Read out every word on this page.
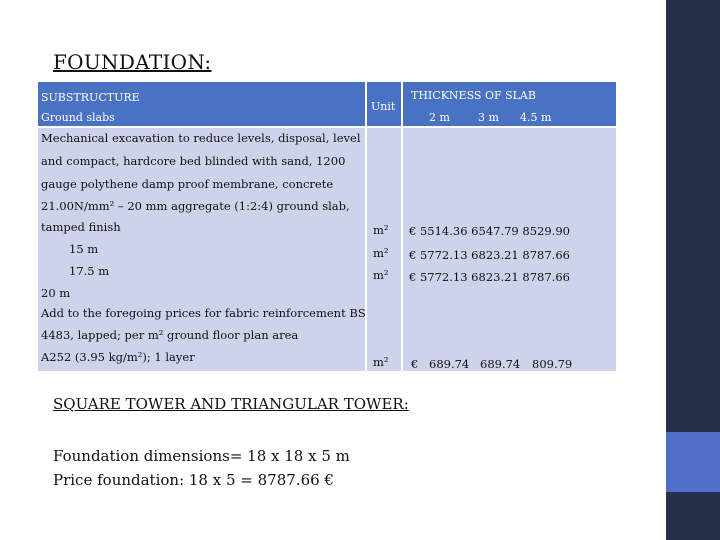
FOUNDATION:
SUBSTRUCTURE
Ground slabs
Unit
THICKNESS OF SLAB
2 m	3 m 4.5 m
Mechanical excavation to reduce levels, disposal, level
and compact, hardcore bed blinded with sand, 1200
gauge polythene damp proof membrane, concrete
21.00N/mm² – 20 mm aggregate (1:2:4) ground slab,
tamped finish
15 m
17.5 m
20 m
m² € 5514.36 6547.79 8529.90
m² € 5772.13 6823.21 8787.66
m² € 5772.13 6823.21 8787.66
Add to the foregoing prices for fabric reinforcement BS
4483, lapped; per m² ground floor plan area
A252 (3.95 kg/m²); 1 layer	m² € 689.74 689.74 809.79
SQUARE TOWER AND TRIANGULAR TOWER:
Foundation dimensions= 18 x 18 x 5 m
Price foundation: 18 x 5 = 8787.66 €
